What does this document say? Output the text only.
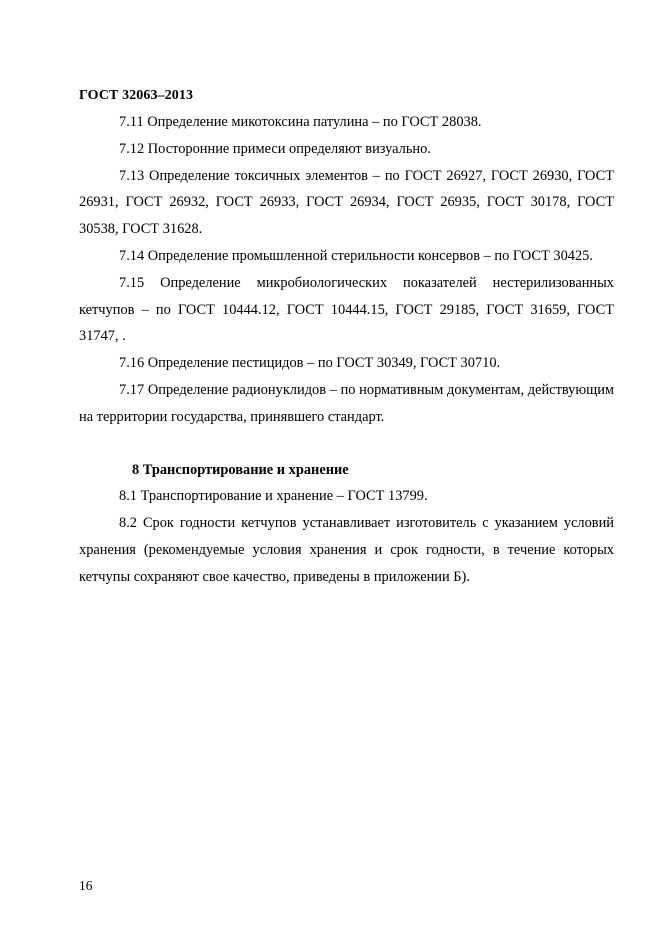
ГОСТ 32063–2013

7.11 Определение микотоксина патулина – по ГОСТ 28038.

7.12 Посторонние примеси определяют визуально.

7.13 Определение токсичных элементов – по ГОСТ 26927, ГОСТ 26930, ГОСТ 26931, ГОСТ 26932, ГОСТ 26933, ГОСТ 26934, ГОСТ 26935, ГОСТ 30178, ГОСТ 30538, ГОСТ 31628.

7.14 Определение промышленной стерильности консервов – по ГОСТ 30425.

7.15 Определение микробиологических показателей нестерилизованных кетчупов – по ГОСТ 10444.12, ГОСТ 10444.15, ГОСТ 29185, ГОСТ 31659, ГОСТ 31747, .

7.16 Определение пестицидов – по ГОСТ 30349, ГОСТ 30710.

7.17 Определение радионуклидов – по нормативным документам, действующим на территории государства, принявшего стандарт.

8 Транспортирование и хранение

8.1 Транспортирование и хранение – ГОСТ 13799.

8.2 Срок годности кетчупов устанавливает изготовитель с указанием условий хранения (рекомендуемые условия хранения и срок годности, в течение которых кетчупы сохраняют свое качество, приведены в приложении Б).

16
